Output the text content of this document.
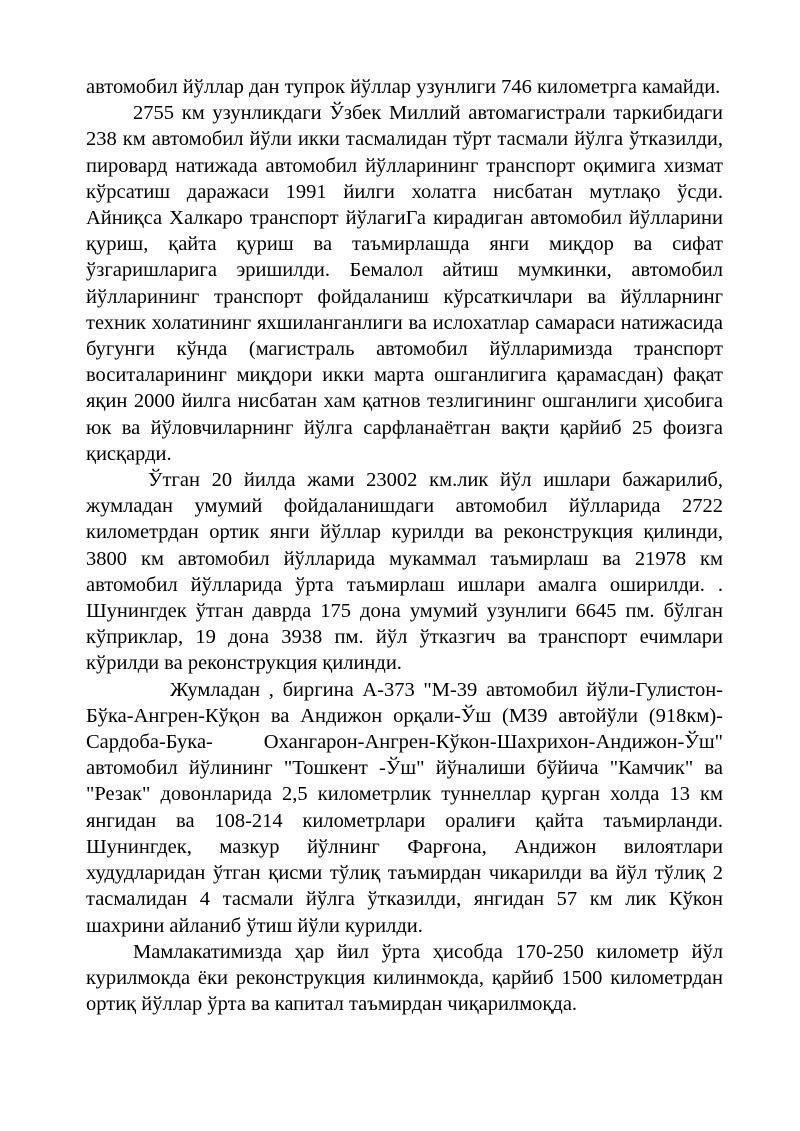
автомобил йўллар дан тупрок йўллар узунлиги 746 километрга камайди.

2755 км узунликдаги Ўзбек Миллий автомагистрали таркибидаги 238 км автомобил йўли икки тасмалидан тўрт тасмали йўлга ўтказилди, пировард натижада автомобил йўлларининг транспорт оқимига хизмат кўрсатиш даражаси 1991 йилги холатга нисбатан мутлақо ўсди. Айниқса Халкаро транспорт йўлагиГа кирадиган автомобил йўлларини қуриш, қайта қуриш ва таъмирлашда янги миқдор ва сифат ўзгаришларига эришилди. Бемалол айтиш мумкинки, автомобил йўлларининг транспорт фойдаланиш кўрсаткичлари ва йўлларнинг техник холатининг яхшиланганлиги ва ислохатлар самараси натижасида бугунги кўнда (магистраль автомобил йўлларимизда транспорт воситаларининг миқдори икки марта ошганлигига қарамасдан) фақат яқин 2000 йилга нисбатан хам қатнов тезлигининг ошганлиги ҳисобига юк ва йўловчиларнинг йўлга сарфланаётган вақти қарйиб 25 фоизга қисқарди.

Ўтган 20 йилда жами 23002 км.лик йўл ишлари бажарилиб, жумладан умумий фойдаланишдаги автомобил йўлларида 2722 километрдан ортик янги йўллар курилди ва реконструкция қилинди, 3800 км автомобил йўлларида мукаммал таъмирлаш ва 21978 км автомобил йўлларида ўрта таъмирлаш ишлари амалга оширилди. . Шунингдек ўтган даврда 175 дона умумий узунлиги 6645 пм. бўлган кўприклар, 19 дона 3938 пм. йўл ўтказгич ва транспорт ечимлари кўрилди ва реконструкция қилинди.

Жумладан , биргина А-373 "М-39 автомобил йўли-Гулистон-Бўка-Ангрен-Кўқон ва Андижон орқали-Ўш (М39 автойўли (918км)-Сардоба-Бука- Охангарон-Ангрен-Кўкон-Шахрихон-Андижон-Ўш" автомобил йўлининг "Тошкент -Ўш" йўналиши бўйича "Камчик" ва "Резак" довонларида 2,5 километрлик туннеллар қурган холда 13 км янгидан ва 108-214 километрлари оралиғи қайта таъмирланди. Шунингдек, мазкур йўлнинг Фарғона, Андижон вилоятлари худудларидан ўтган қисми тўлиқ таъмирдан чикарилди ва йўл тўлиқ 2 тасмалидан 4 тасмали йўлга ўтказилди, янгидан 57 км лик Кўкон шахрини айланиб ўтиш йўли курилди.

Мамлакатимизда ҳар йил ўрта ҳисобда 170-250 километр йўл курилмокда ёки реконструкция килинмокда, қарйиб 1500 километрдан ортиқ йўллар ўрта ва капитал таъмирдан чиқарилмоқда.
